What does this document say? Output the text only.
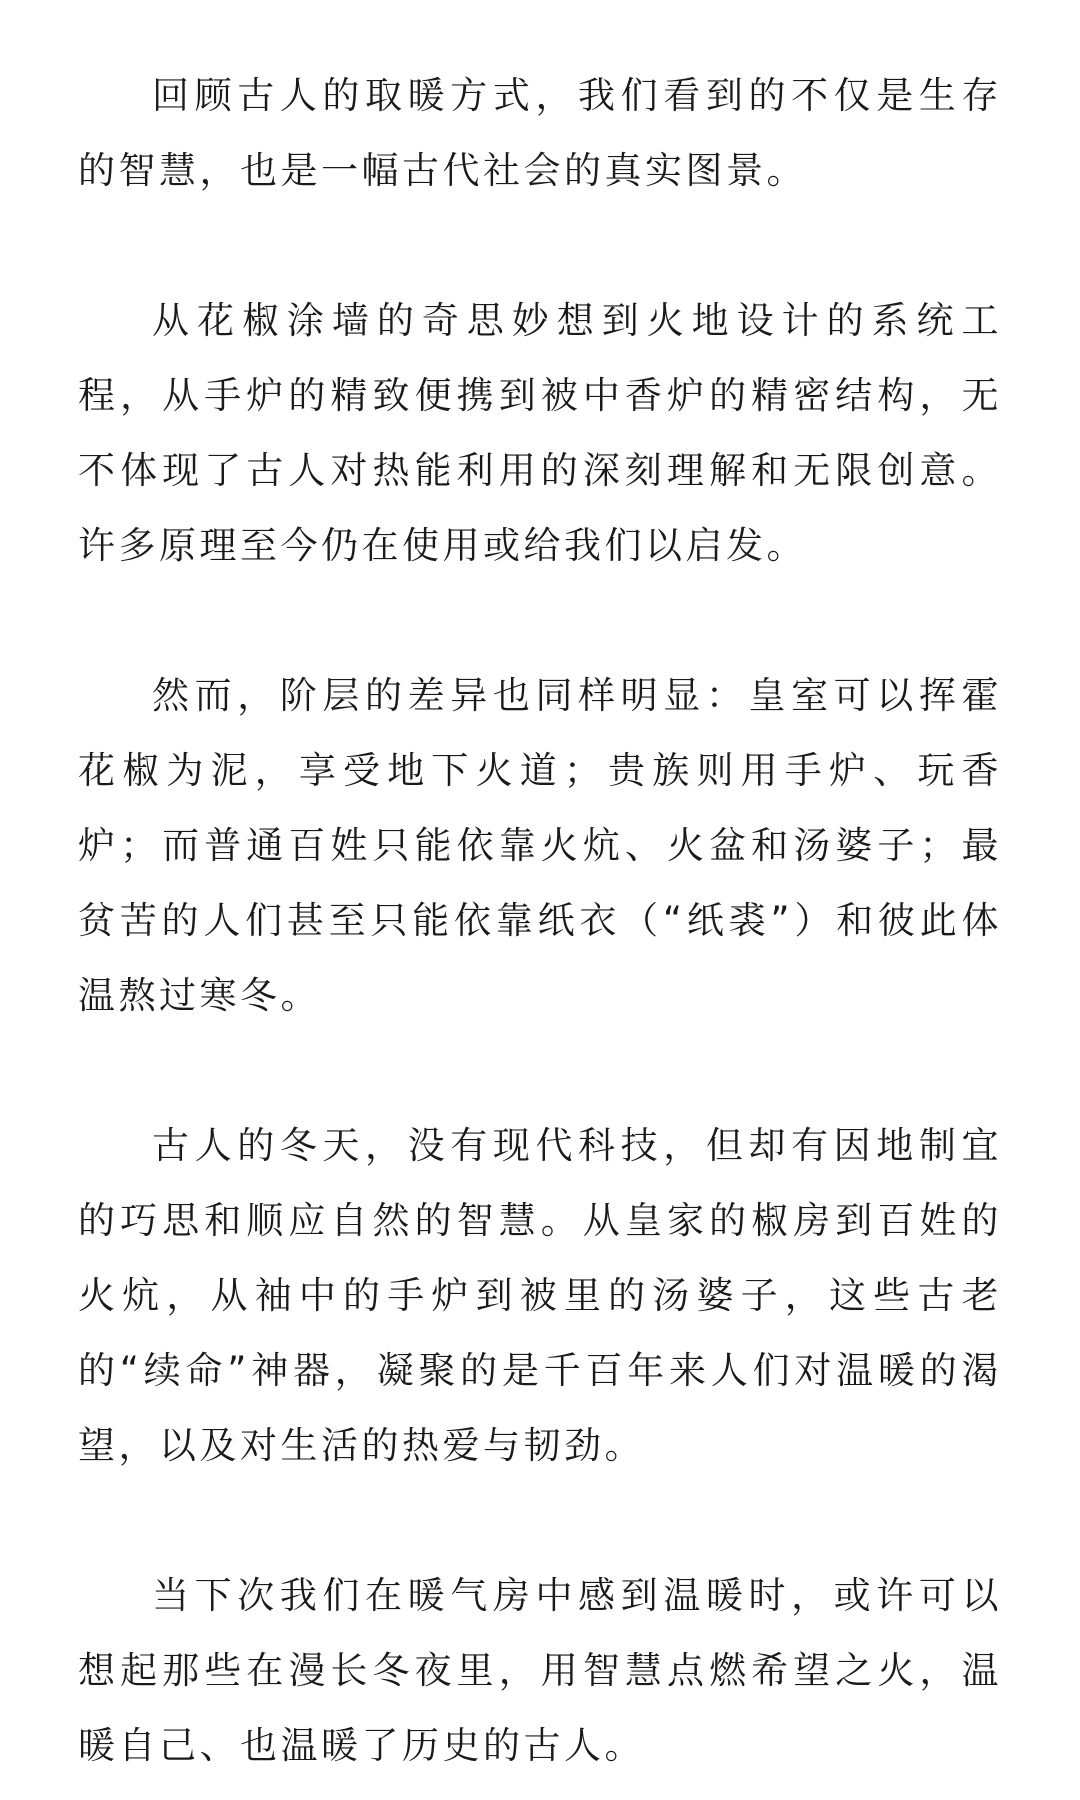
回顾古人的取暖方式，我们看到的不仅是生存的智慧，也是一幅古代社会的真实图景。

从花椒涂墙的奇思妙想到火地设计的系统工程，从手炉的精致便携到被中香炉的精密结构，无不体现了古人对热能利用的深刻理解和无限创意。许多原理至今仍在使用或给我们以启发。

然而，阶层的差异也同样明显：皇室可以挥霍花椒为泥，享受地下火道；贵族则用手炉、玩香炉；而普通百姓只能依靠火炕、火盆和汤婆子；最贫苦的人们甚至只能依靠纸衣（“纸裘”）和彼此体温熬过寒冬。

古人的冬天，没有现代科技，但却有因地制宜的巧思和顺应自然的智慧。从皇家的椒房到百姓的火炕，从袖中的手炉到被里的汤婆子，这些古老的“续命”神器，凝聚的是千百年来人们对温暖的渴望，以及对生活的热爱与韧劲。

当下次我们在暖气房中感到温暖时，或许可以想起那些在漫长冬夜里，用智慧点燃希望之火，温暖自己、也温暖了历史的古人。
